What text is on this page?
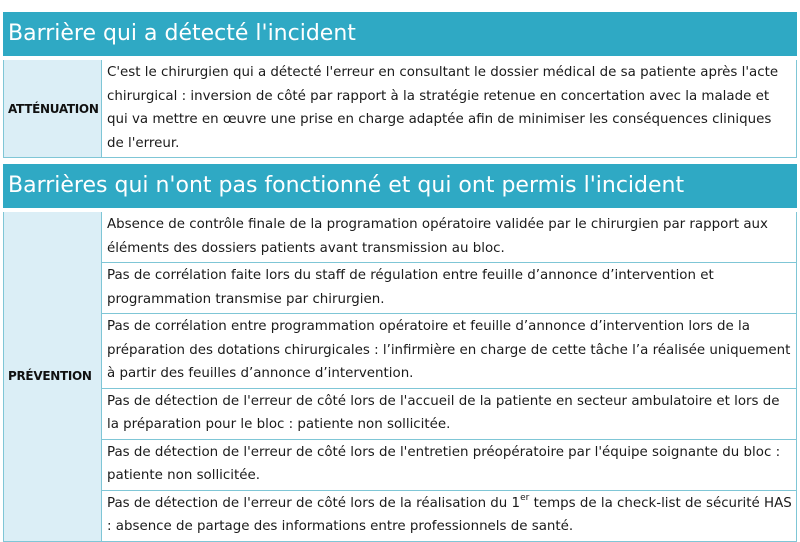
Barrière qui a détecté l'incident
ATTÉNUATION
C'est le chirurgien qui a détecté l'erreur en consultant le dossier médical de sa patiente après l'acte chirurgical : inversion de côté par rapport à la stratégie retenue en concertation avec la malade et qui va mettre en œuvre une prise en charge adaptée afin de minimiser les conséquences cliniques de l'erreur.
Barrières qui n'ont pas fonctionné et qui ont permis l'incident
PRÉVENTION
Absence de contrôle finale de la programation opératoire validée par le chirurgien par rapport aux éléments des dossiers patients avant transmission au bloc.
Pas de corrélation faite lors du staff de régulation entre feuille d’annonce d’intervention et programmation transmise par chirurgien.
Pas de corrélation entre programmation opératoire et feuille d’annonce d’intervention lors de la préparation des dotations chirurgicales : l’infirmière en charge de cette tâche l’a réalisée uniquement à partir des feuilles d’annonce d’intervention.
Pas de détection de l'erreur de côté lors de l'accueil de la patiente en secteur ambulatoire et lors de la préparation pour le bloc : patiente non sollicitée.
Pas de détection de l'erreur de côté lors de l'entretien préopératoire par l'équipe soignante du bloc : patiente non sollicitée.
Pas de détection de l'erreur de côté lors de la réalisation du 1er temps de la check-list de sécurité HAS : absence de partage des informations entre professionnels de santé.
